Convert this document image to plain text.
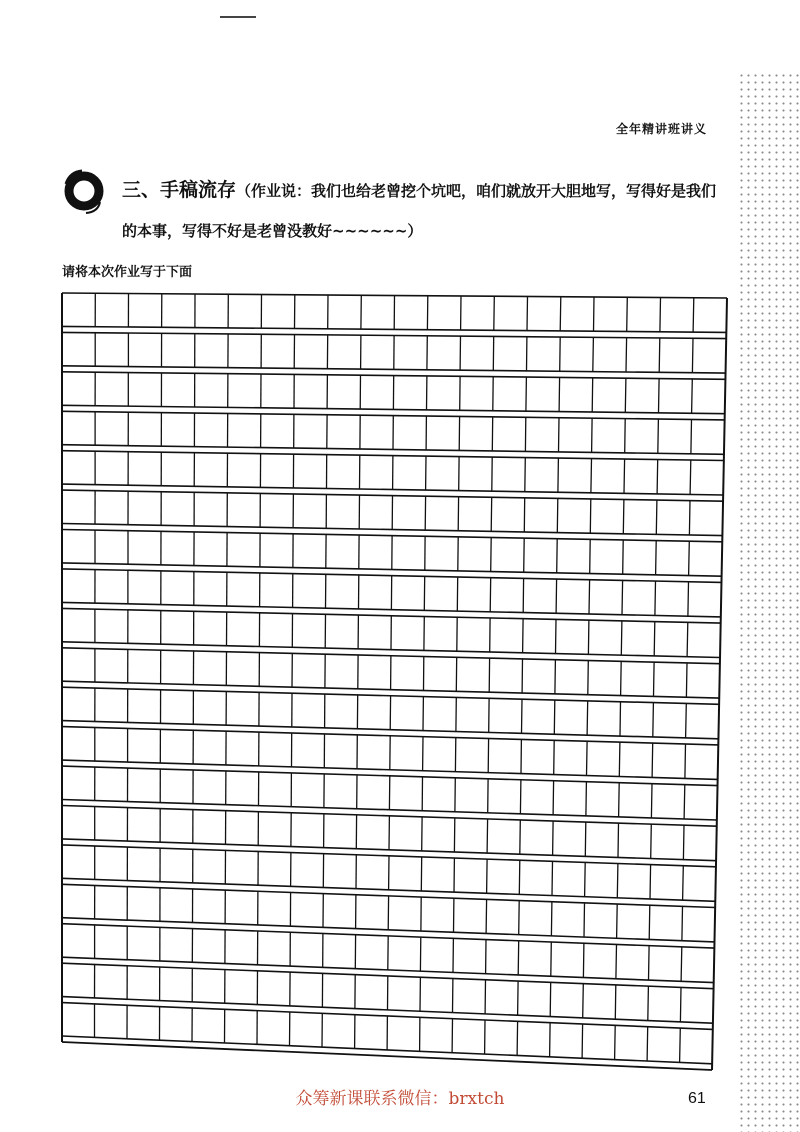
全年精讲班讲义
三、手稿流存（作业说：我们也给老曾挖个坑吧，咱们就放开大胆地写，写得好是我们
的本事，写得不好是老曾没教好~~~~~~）
请将本次作业写于下面
众筹新课联系微信：brxtch	61
